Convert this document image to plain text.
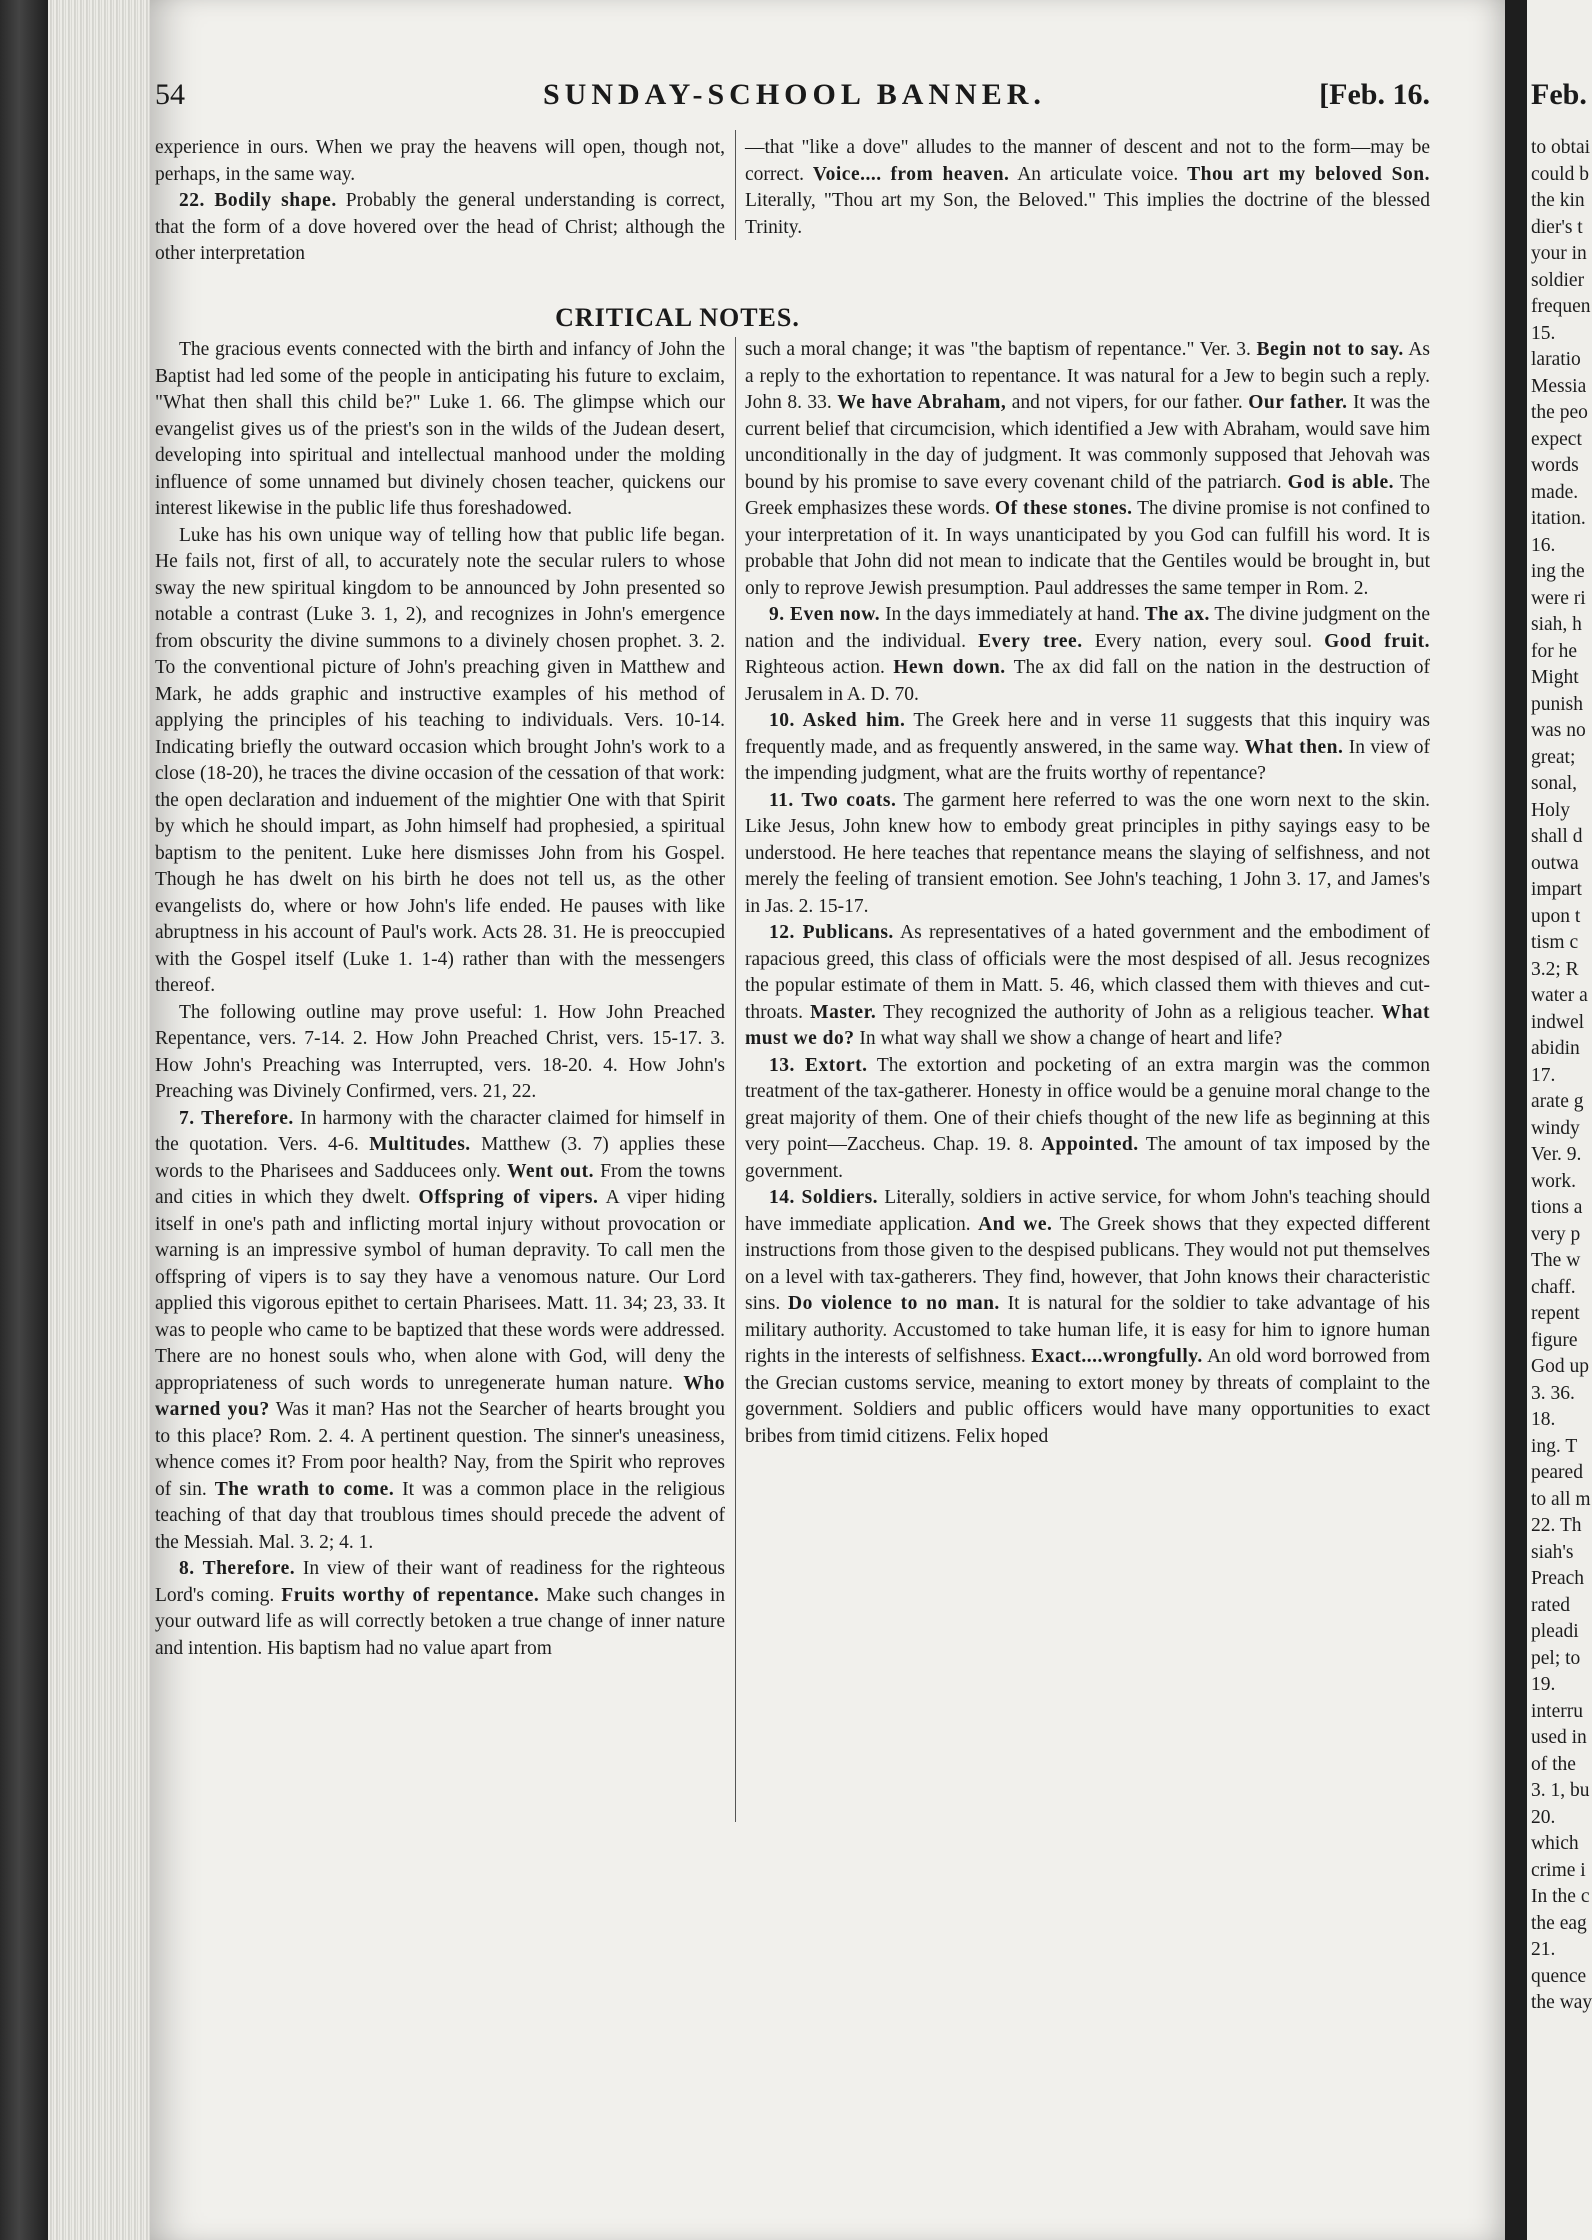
Feb.
to obtai
could b
the kin
dier's t
your in
soldier
frequen
15.
laratio
Messia
the peo
expect
words
made.
itation.
16.
ing the
were ri
siah, h
for he
Might
punish
was no
great;
sonal,
Holy
shall d
outwa
impart
upon t
tism c
3.2; R
water a
indwel
abidin
17.
arate g
windy
Ver. 9.
work.
tions a
very p
The w
chaff.
repent
figure
God up
3. 36.
18.
ing. T
peared
to all m
22. Th
siah's
Preach
rated
pleadi
pel; to
19.
interru
used in
of the
3. 1, bu
20.
which
crime i
In the c
the eag
21.
quence
the way
54	SUNDAY-SCHOOL BANNER.	[Feb. 16.

experience in ours. When we pray the heavens will open, though not, perhaps, in the same way.

22. Bodily shape. Probably the general understanding is correct, that the form of a dove hovered over the head of Christ; although the other interpretation

—that "like a dove" alludes to the manner of descent and not to the form—may be correct. Voice.... from heaven. An articulate voice. Thou art my beloved Son. Literally, "Thou art my Son, the Beloved." This implies the doctrine of the blessed Trinity.

CRITICAL NOTES.

The gracious events connected with the birth and infancy of John the Baptist had led some of the people in anticipating his future to exclaim, "What then shall this child be?" Luke 1. 66. The glimpse which our evangelist gives us of the priest's son in the wilds of the Judean desert, developing into spiritual and intellectual manhood under the molding influence of some unnamed but divinely chosen teacher, quickens our interest likewise in the public life thus foreshadowed.

Luke has his own unique way of telling how that public life began. He fails not, first of all, to accurately note the secular rulers to whose sway the new spiritual kingdom to be announced by John presented so notable a contrast (Luke 3. 1, 2), and recognizes in John's emergence from obscurity the divine summons to a divinely chosen prophet. 3. 2. To the conventional picture of John's preaching given in Matthew and Mark, he adds graphic and instructive examples of his method of applying the principles of his teaching to individuals. Vers. 10-14. Indicating briefly the outward occasion which brought John's work to a close (18-20), he traces the divine occasion of the cessation of that work: the open declaration and induement of the mightier One with that Spirit by which he should impart, as John himself had prophesied, a spiritual baptism to the penitent. Luke here dismisses John from his Gospel. Though he has dwelt on his birth he does not tell us, as the other evangelists do, where or how John's life ended. He pauses with like abruptness in his account of Paul's work. Acts 28. 31. He is preoccupied with the Gospel itself (Luke 1. 1-4) rather than with the messengers thereof.

The following outline may prove useful: 1. How John Preached Repentance, vers. 7-14. 2. How John Preached Christ, vers. 15-17. 3. How John's Preaching was Interrupted, vers. 18-20. 4. How John's Preaching was Divinely Confirmed, vers. 21, 22.

7. Therefore. In harmony with the character claimed for himself in the quotation. Vers. 4-6. Multitudes. Matthew (3. 7) applies these words to the Pharisees and Sadducees only. Went out. From the towns and cities in which they dwelt. Offspring of vipers. A viper hiding itself in one's path and inflicting mortal injury without provocation or warning is an impressive symbol of human depravity. To call men the offspring of vipers is to say they have a venomous nature. Our Lord applied this vigorous epithet to certain Pharisees. Matt. 11. 34; 23, 33. It was to people who came to be baptized that these words were addressed. There are no honest souls who, when alone with God, will deny the appropriateness of such words to unregenerate human nature. Who warned you? Was it man? Has not the Searcher of hearts brought you to this place? Rom. 2. 4. A pertinent question. The sinner's uneasiness, whence comes it? From poor health? Nay, from the Spirit who reproves of sin. The wrath to come. It was a common place in the religious teaching of that day that troublous times should precede the advent of the Messiah. Mal. 3. 2; 4. 1.

8. Therefore. In view of their want of readiness for the righteous Lord's coming. Fruits worthy of repentance. Make such changes in your outward life as will correctly betoken a true change of inner nature and intention. His baptism had no value apart from

such a moral change; it was "the baptism of repentance." Ver. 3. Begin not to say. As a reply to the exhortation to repentance. It was natural for a Jew to begin such a reply. John 8. 33. We have Abraham, and not vipers, for our father. Our father. It was the current belief that circumcision, which identified a Jew with Abraham, would save him unconditionally in the day of judgment. It was commonly supposed that Jehovah was bound by his promise to save every covenant child of the patriarch. God is able. The Greek emphasizes these words. Of these stones. The divine promise is not confined to your interpretation of it. In ways unanticipated by you God can fulfill his word. It is probable that John did not mean to indicate that the Gentiles would be brought in, but only to reprove Jewish presumption. Paul addresses the same temper in Rom. 2.

9. Even now. In the days immediately at hand. The ax. The divine judgment on the nation and the individual. Every tree. Every nation, every soul. Good fruit. Righteous action. Hewn down. The ax did fall on the nation in the destruction of Jerusalem in A. D. 70.

10. Asked him. The Greek here and in verse 11 suggests that this inquiry was frequently made, and as frequently answered, in the same way. What then. In view of the impending judgment, what are the fruits worthy of repentance?

11. Two coats. The garment here referred to was the one worn next to the skin. Like Jesus, John knew how to embody great principles in pithy sayings easy to be understood. He here teaches that repentance means the slaying of selfishness, and not merely the feeling of transient emotion. See John's teaching, 1 John 3. 17, and James's in Jas. 2. 15-17.

12. Publicans. As representatives of a hated government and the embodiment of rapacious greed, this class of officials were the most despised of all. Jesus recognizes the popular estimate of them in Matt. 5. 46, which classed them with thieves and cut-throats. Master. They recognized the authority of John as a religious teacher. What must we do? In what way shall we show a change of heart and life?

13. Extort. The extortion and pocketing of an extra margin was the common treatment of the tax-gatherer. Honesty in office would be a genuine moral change to the great majority of them. One of their chiefs thought of the new life as beginning at this very point—Zaccheus. Chap. 19. 8. Appointed. The amount of tax imposed by the government.

14. Soldiers. Literally, soldiers in active service, for whom John's teaching should have immediate application. And we. The Greek shows that they expected different instructions from those given to the despised publicans. They would not put themselves on a level with tax-gatherers. They find, however, that John knows their characteristic sins. Do violence to no man. It is natural for the soldier to take advantage of his military authority. Accustomed to take human life, it is easy for him to ignore human rights in the interests of selfishness. Exact....wrongfully. An old word borrowed from the Grecian customs service, meaning to extort money by threats of complaint to the government. Soldiers and public officers would have many opportunities to exact bribes from timid citizens. Felix hoped
